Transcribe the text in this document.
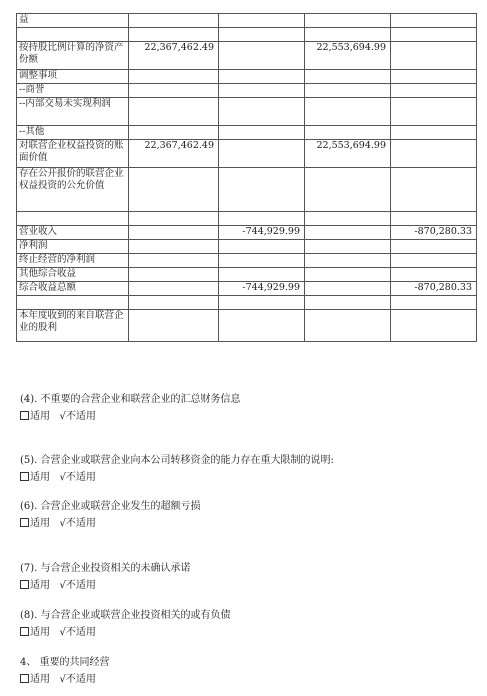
益				

按持股比例计算的净资产份额	22,367,462.49		22,553,694.99	
调整事项				
--商誉				
--内部交易未实现利润				
--其他				
对联营企业权益投资的账面价值	22,367,462.49		22,553,694.99	
存在公开报价的联营企业权益投资的公允价值				

营业收入		-744,929.99		-870,280.33
净利润				
终止经营的净利润				
其他综合收益				
综合收益总额		-744,929.99		-870,280.33

本年度收到的来自联营企业的股利				
(4). 不重要的合营企业和联营企业的汇总财务信息
适用 √不适用
(5). 合营企业或联营企业向本公司转移资金的能力存在重大限制的说明:
适用 √不适用
(6). 合营企业或联营企业发生的超额亏损
适用 √不适用
(7). 与合营企业投资相关的未确认承诺
适用 √不适用
(8). 与合营企业或联营企业投资相关的或有负债
适用 √不适用
4、 重要的共同经营
适用 √不适用
